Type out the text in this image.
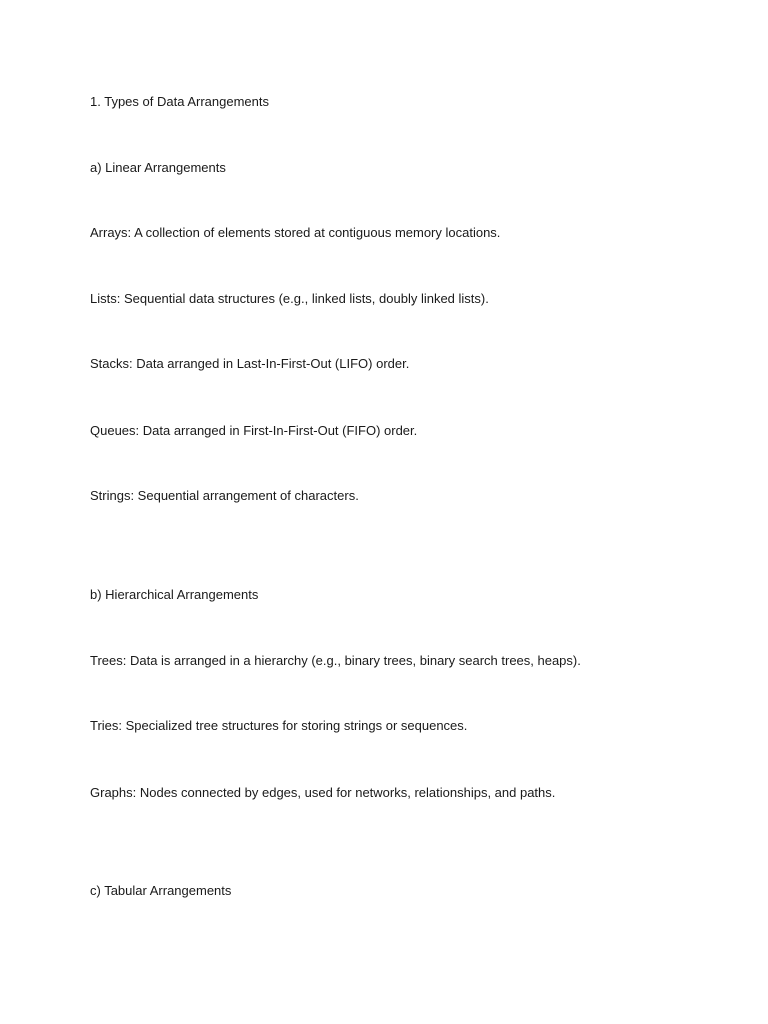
1. Types of Data Arrangements
a) Linear Arrangements
Arrays: A collection of elements stored at contiguous memory locations.
Lists: Sequential data structures (e.g., linked lists, doubly linked lists).
Stacks: Data arranged in Last-In-First-Out (LIFO) order.
Queues: Data arranged in First-In-First-Out (FIFO) order.
Strings: Sequential arrangement of characters.
b) Hierarchical Arrangements
Trees: Data is arranged in a hierarchy (e.g., binary trees, binary search trees, heaps).
Tries: Specialized tree structures for storing strings or sequences.
Graphs: Nodes connected by edges, used for networks, relationships, and paths.
c) Tabular Arrangements
